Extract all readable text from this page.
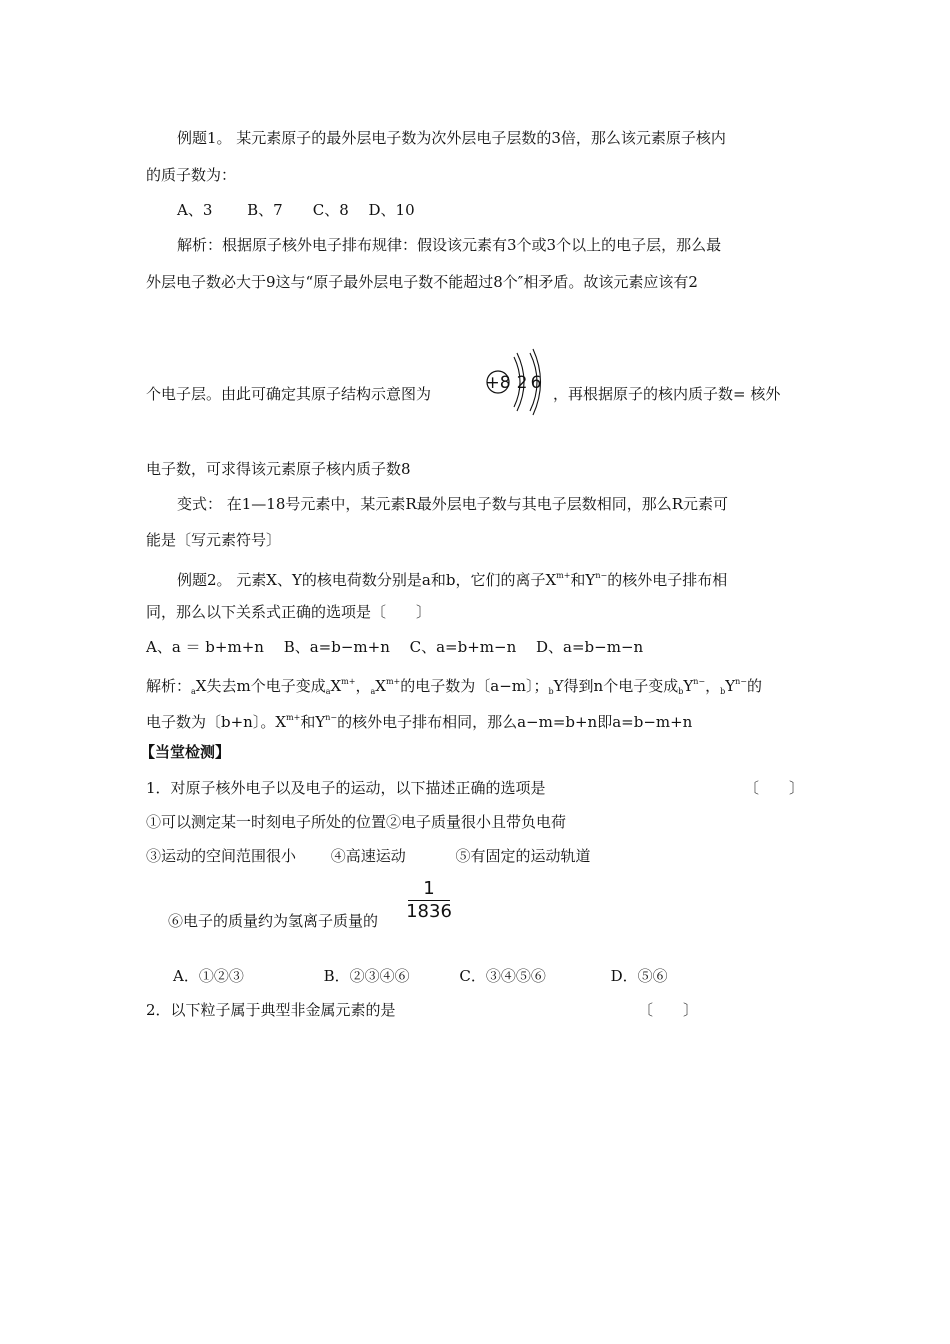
例题1。 某元素原子的最外层电子数为次外层电子层数的3倍，那么该元素原子核内
的质子数为：
A、3　　 B、7　　C、8　 D、10
解析：根据原子核外电子排布规律：假设该元素有3个或3个以上的电子层，那么最
外层电子数必大于9这与“原子最外层电子数不能超过8个″相矛盾。故该元素应该有2
个电子层。由此可确定其原子结构示意图为
+8 2 6
，再根据原子的核内质子数= 核外
电子数，可求得该元素原子核内质子数8
变式： 在1—18号元素中，某元素R最外层电子数与其电子层数相同，那么R元素可
能是〔写元素符号〕
例题2。 元素X、Y的核电荷数分别是a和b，它们的离子$X^{m+}$和$Y^{n-}$的核外电子排布相
同，那么以下关系式正确的选项是〔　　〕
A、a ＝ b+m+n　 B、a=b−m+n　 C、a=b+m−n　 D、a=b−m−n
解析：$_a$X失去m个电子变成$_aX^{m+}$，$_aX^{m+}$的电子数为〔a−m〕；$_b$Y得到n个电子变成$_bY^{n-}$，$_bY^{n-}$的
电子数为〔b+n〕。$X^{m+}$和$Y^{n-}$的核外电子排布相同，那么a−m=b+n即a=b−m+n
【当堂检测】
1．对原子核外电子以及电子的运动，以下描述正确的选项是	〔　　〕
①可以测定某一时刻电子所处的位置②电子质量很小且带负电荷
③运动的空间范围很小　　 ④高速运动　　　 ⑤有固定的运动轨道
⑥电子的质量约为氢离子质量的
1
1836
A．①②③　　　　　 B．②③④⑥　　　 C．③④⑤⑥　　　　 D．⑤⑥
2．以下粒子属于典型非金属元素的是	〔　　〕
